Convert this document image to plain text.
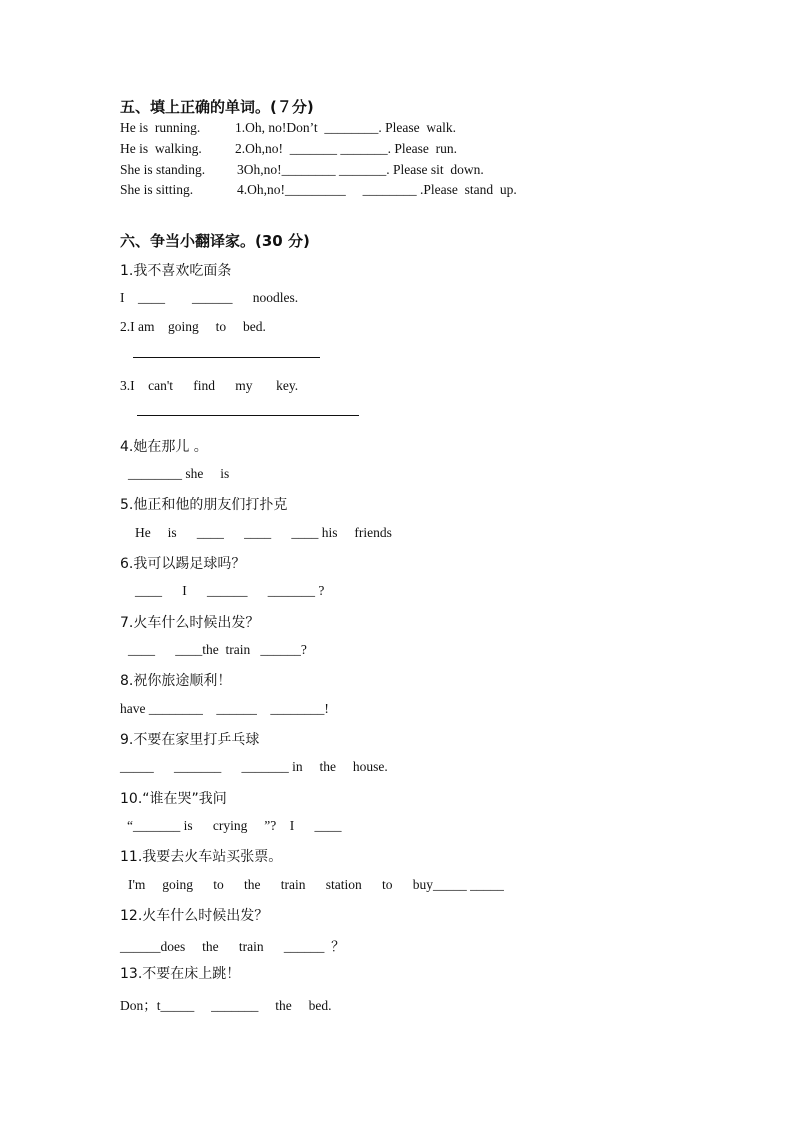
五、填上正确的单词。(７分)
He is  running.	1.Oh, no!Don’t  ________. Please  walk.
He is  walking. 2.Oh,no!  _______ _______. Please  run.
She is standing. 3Oh,no!________ _______. Please sit  down.
She is sitting.	4.Oh,no!_________     ________ .Please  stand  up.
六、争当小翻译家。(30 分)
1.我不喜欢吃面条
I    ____        ______      noodles.
2.I am    going     to     bed.
3.I    can't      find      my       key.
4.她在那儿 。
________ she     is
5.他正和他的朋友们打扑克
He     is      ____      ____      ____ his     friends
6.我可以踢足球吗？
____      I      ______      _______ ?
7.火车什么时候出发？
____      ____the  train   ______?
8.祝你旅途顺利！
have ________    ______    ________!
9.不要在家里打乒乓球
_____      _______      _______ in     the     house.
10.“谁在哭”我问
“_______ is      crying     ”?    I      ____
11.我要去火车站买张票。
I'm     going      to      the      train      station      to      buy_____ _____
12.火车什么时候出发？
______does     the      train      ______  ？
13.不要在床上跳！
Don；t_____     _______     the     bed.
